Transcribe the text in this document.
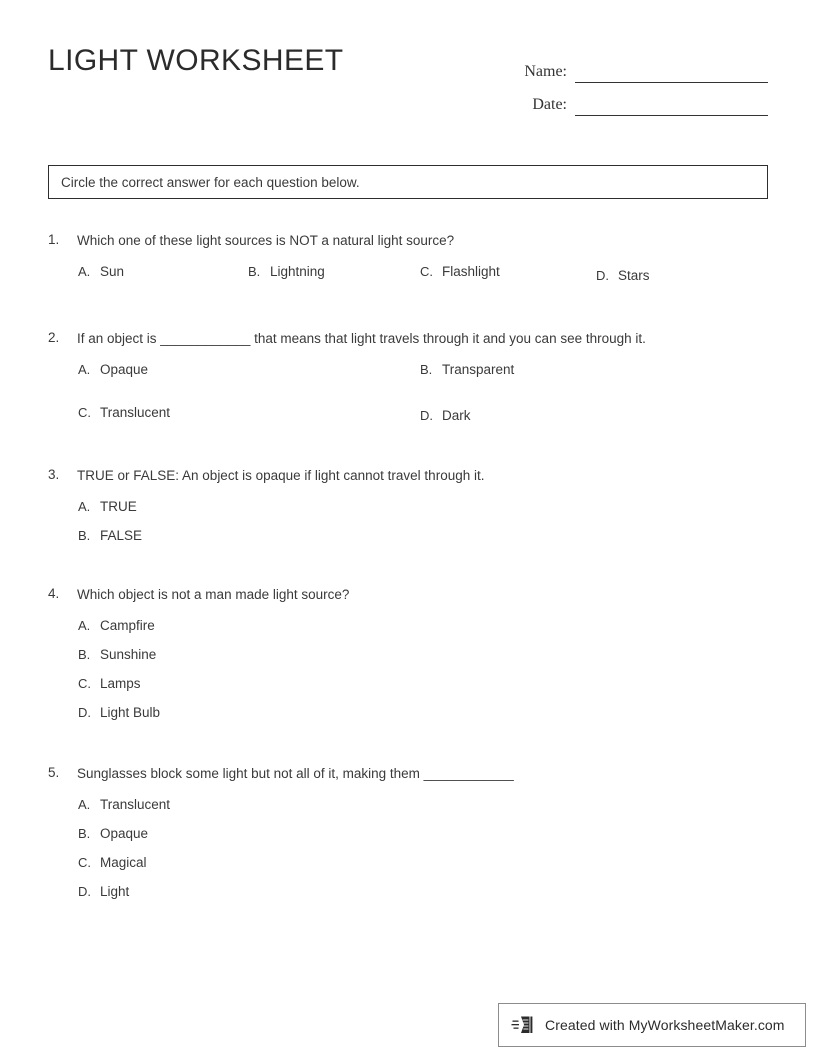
LIGHT WORKSHEET	Name:
Date:
Circle the correct answer for each question below.
1.	Which one of these light sources is NOT a natural light source?
A. Sun	B. Lightning	C. Flashlight	D. Stars
2.	If an object is ____________ that means that light travels through it and you can see through it.
A. Opaque	B. Transparent
C. Translucent	D. Dark
3.	TRUE or FALSE: An object is opaque if light cannot travel through it.
A. TRUE
B. FALSE
4.	Which object is not a man made light source?
A. Campfire
B. Sunshine
C. Lamps
D. Light Bulb
5.	Sunglasses block some light but not all of it, making them ____________
A. Translucent
B. Opaque
C. Magical
D. Light
Created with MyWorksheetMaker.com
